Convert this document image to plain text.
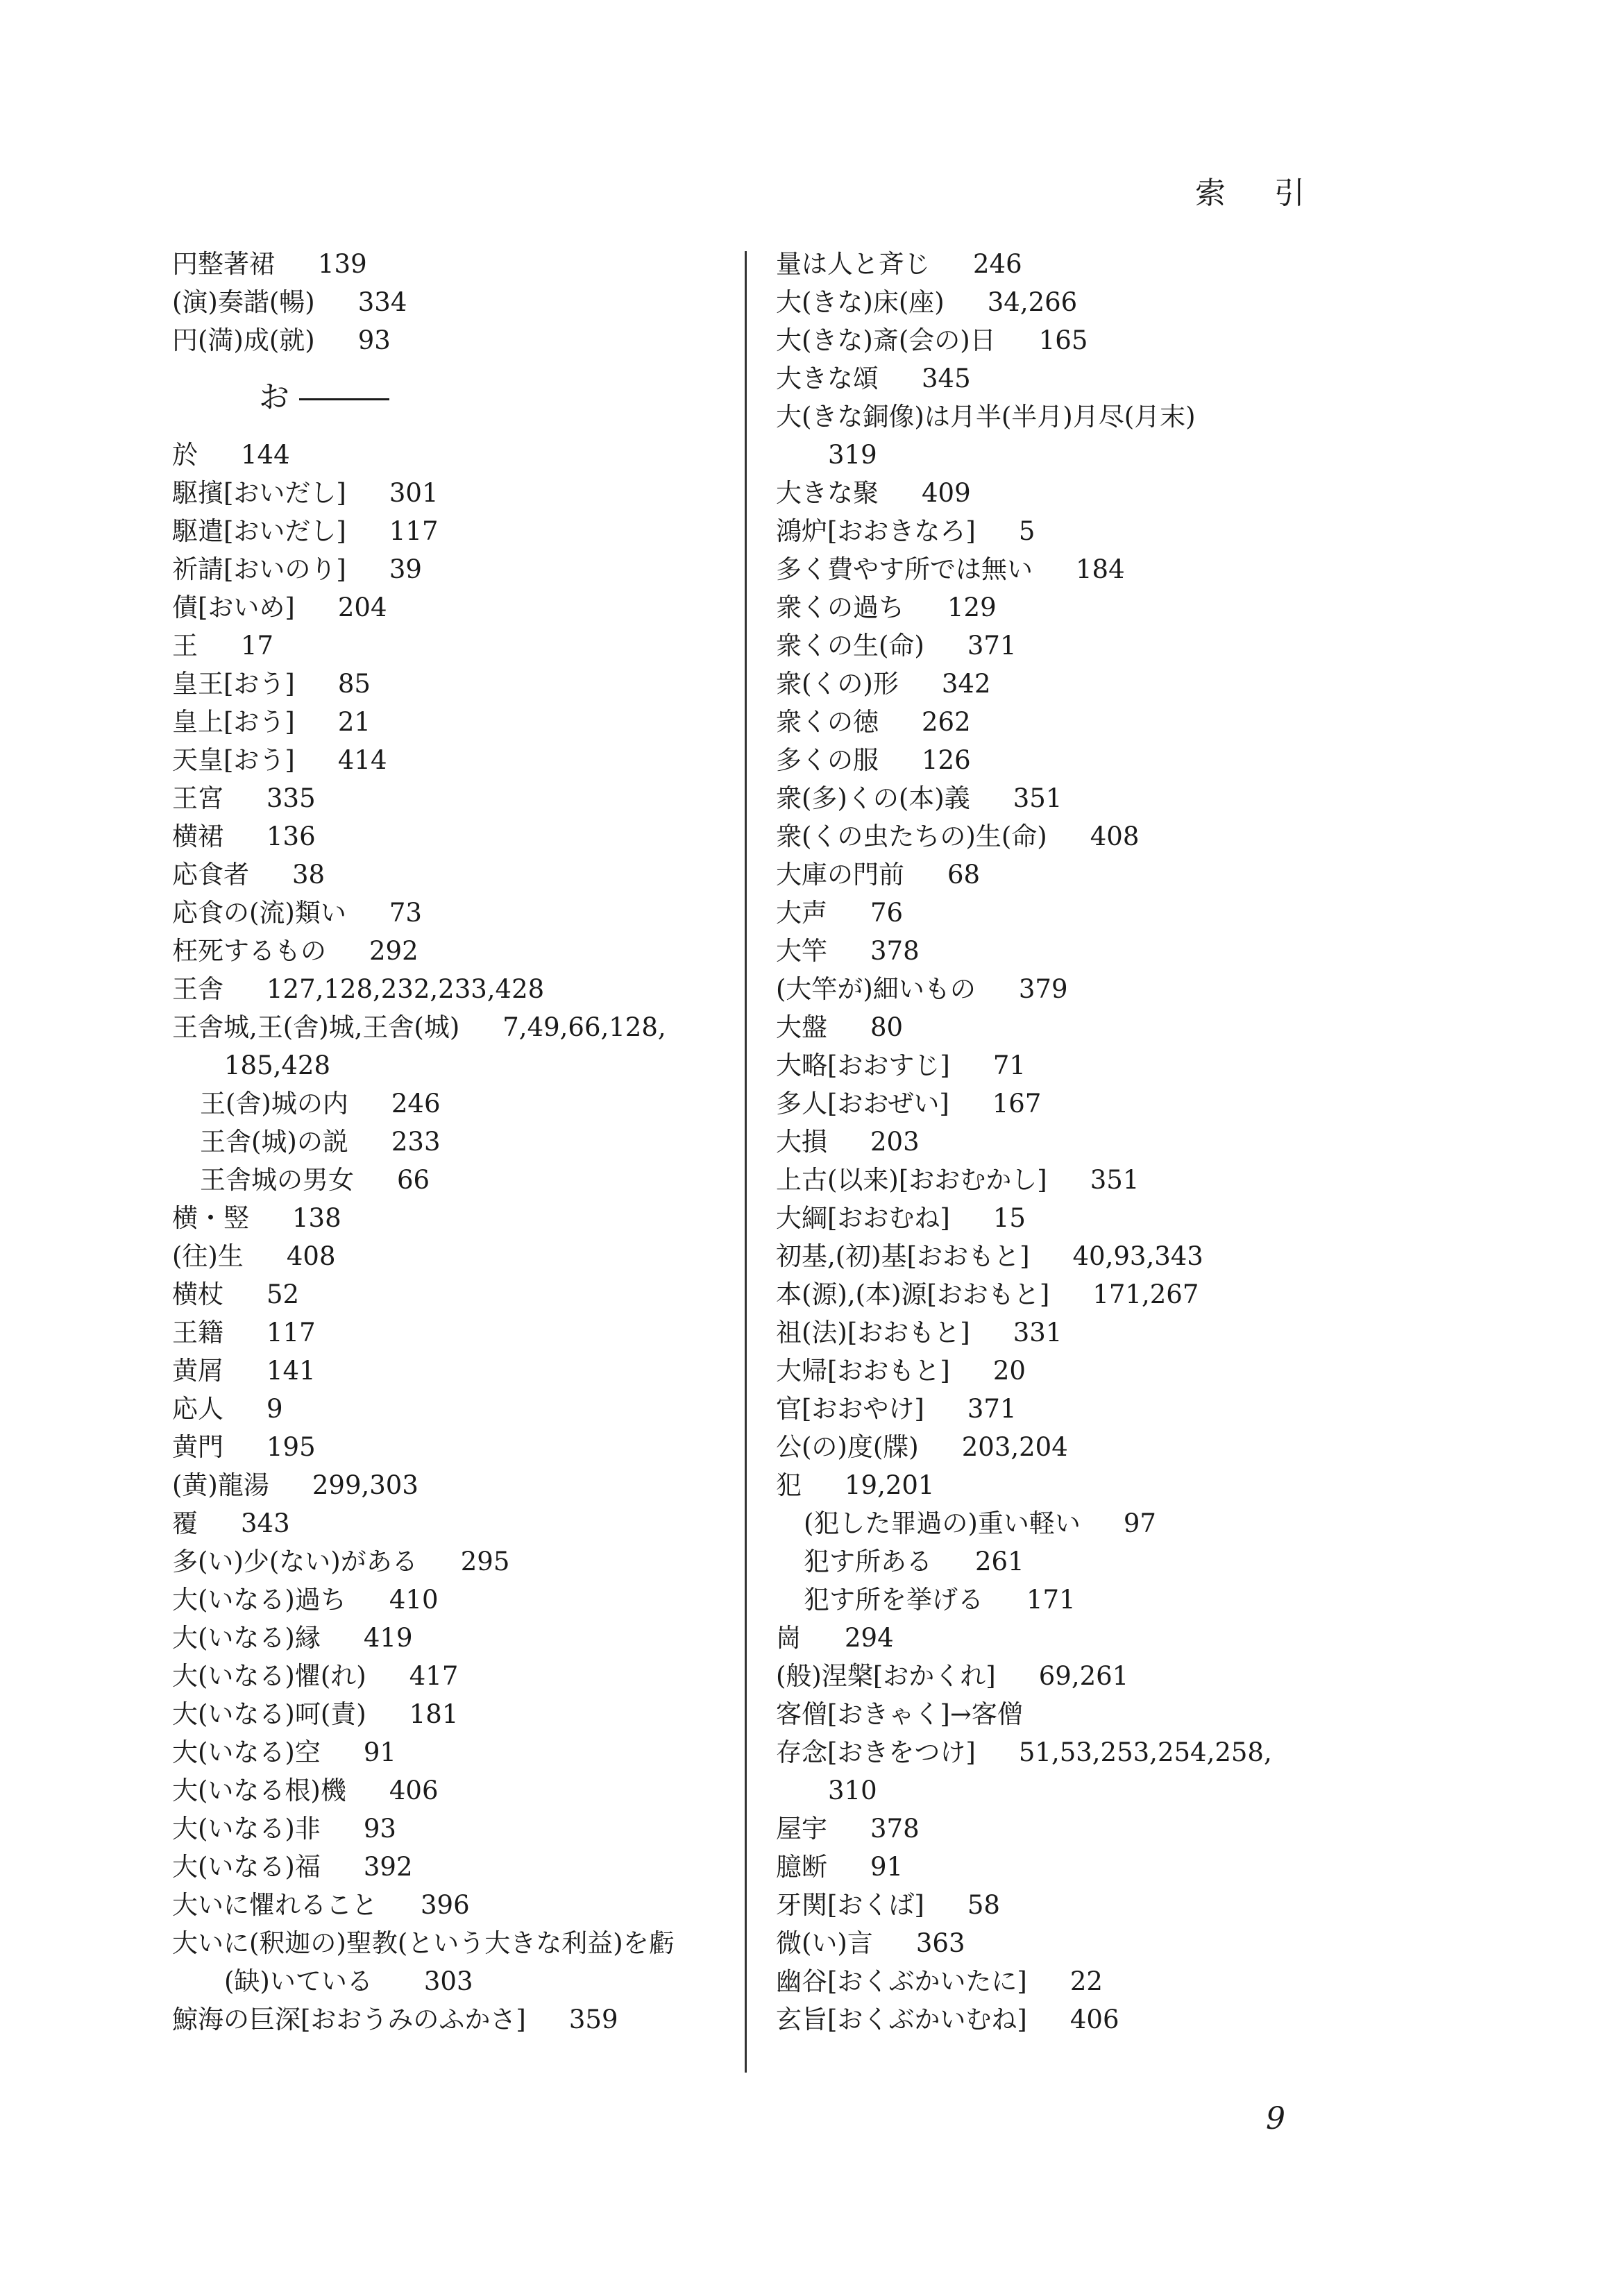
索引
円整著裙 139
(演)奏諧(暢) 334
円(満)成(就) 93
お
於 144
駆擯[おいだし] 301
駆遣[おいだし] 117
祈請[おいのり] 39
債[おいめ] 204
王 17
皇王[おう] 85
皇上[おう] 21
天皇[おう] 414
王宮 335
横裙 136
応食者 38
応食の(流)類い 73
枉死するもの 292
王舎 127,128,232,233,428
王舎城,王(舎)城,王舎(城) 7,49,66,128,
185,428
王(舎)城の内 246
王舎(城)の説 233
王舎城の男女 66
横・竪 138
(往)生 408
横杖 52
王籍 117
黄屑 141
応人 9
黄門 195
(黄)龍湯 299,303
覆 343
多(い)少(ない)がある 295
大(いなる)過ち 410
大(いなる)縁 419
大(いなる)懼(れ) 417
大(いなる)呵(責) 181
大(いなる)空 91
大(いなる根)機 406
大(いなる)非 93
大(いなる)福 392
大いに懼れること 396
大いに(釈迦の)聖教(という大きな利益)を虧
(缺)いている　　303
鯨海の巨深[おおうみのふかさ] 359
量は人と斉じ 246
大(きな)床(座) 34,266
大(きな)斎(会の)日 165
大きな頌 345
大(きな銅像)は月半(半月)月尽(月末)
319
大きな聚 409
鴻炉[おおきなろ] 5
多く費やす所では無い 184
衆くの過ち 129
衆くの生(命) 371
衆(くの)形 342
衆くの徳 262
多くの服 126
衆(多)くの(本)義 351
衆(くの虫たちの)生(命) 408
大庫の門前 68
大声 76
大竿 378
(大竿が)細いもの 379
大盤 80
大略[おおすじ] 71
多人[おおぜい] 167
大損 203
上古(以来)[おおむかし] 351
大綱[おおむね] 15
初基,(初)基[おおもと] 40,93,343
本(源),(本)源[おおもと] 171,267
祖(法)[おおもと] 331
大帰[おおもと] 20
官[おおやけ] 371
公(の)度(牒) 203,204
犯 19,201
(犯した罪過の)重い軽い 97
犯す所ある 261
犯す所を挙げる 171
崗 294
(般)涅槃[おかくれ] 69,261
客僧[おきゃく]→客僧
存念[おきをつけ] 51,53,253,254,258,
310
屋宇 378
臆断 91
牙関[おくば] 58
微(い)言 363
幽谷[おくぶかいたに] 22
玄旨[おくぶかいむね] 406
9
